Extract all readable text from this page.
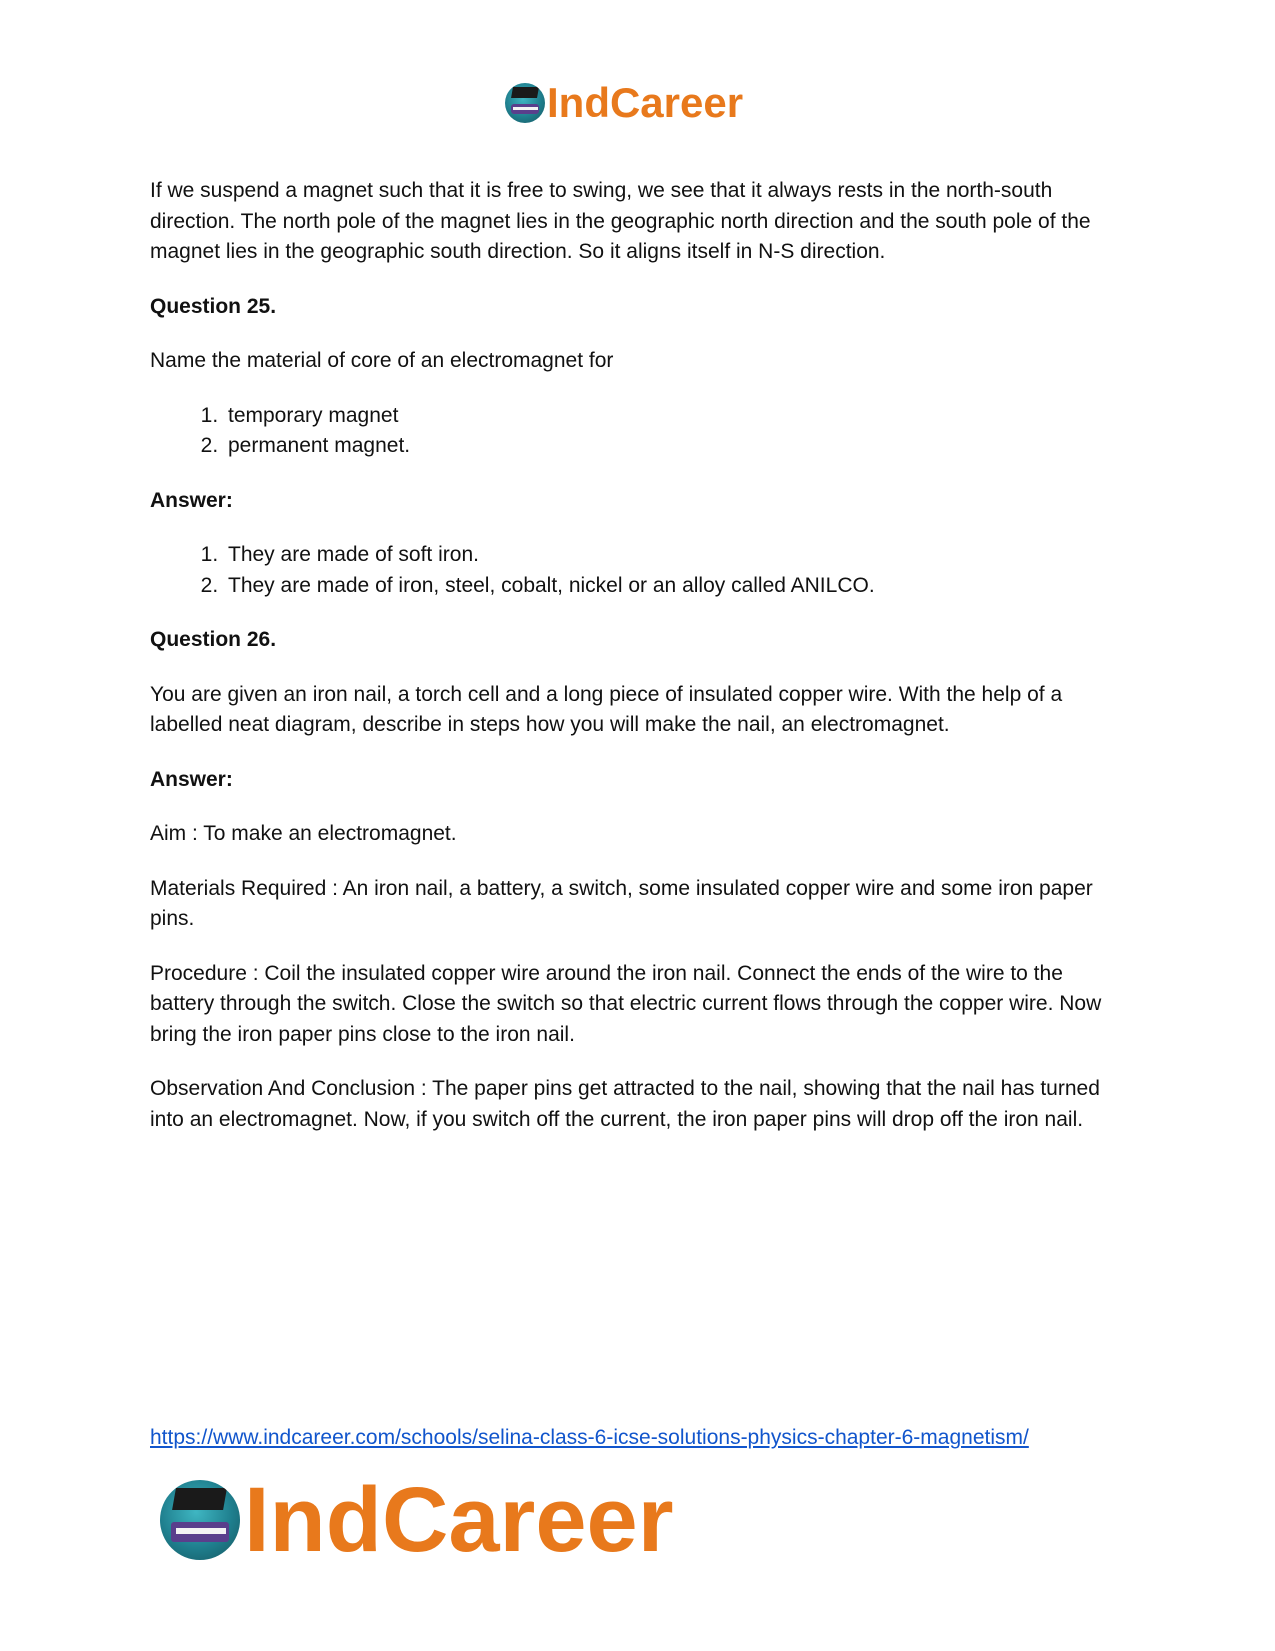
IndCareer

If we suspend a magnet such that it is free to swing, we see that it always rests in the north-south direction. The north pole of the magnet lies in the geographic north direction and the south pole of the magnet lies in the geographic south direction. So it aligns itself in N-S direction.

Question 25.

Name the material of core of an electromagnet for

1. temporary magnet
2. permanent magnet.

Answer:

1. They are made of soft iron.
2. They are made of iron, steel, cobalt, nickel or an alloy called ANILCO.

Question 26.

You are given an iron nail, a torch cell and a long piece of insulated copper wire. With the help of a labelled neat diagram, describe in steps how you will make the nail, an electromagnet.

Answer:

Aim : To make an electromagnet.

Materials Required : An iron nail, a battery, a switch, some insulated copper wire and some iron paper pins.

Procedure : Coil the insulated copper wire around the iron nail. Connect the ends of the wire to the battery through the switch. Close the switch so that electric current flows through the copper wire. Now bring the iron paper pins close to the iron nail.

Observation And Conclusion : The paper pins get attracted to the nail, showing that the nail has turned into an electromagnet. Now, if you switch off the current, the iron paper pins will drop off the iron nail.

https://www.indcareer.com/schools/selina-class-6-icse-solutions-physics-chapter-6-magnetism/
IndCareer
